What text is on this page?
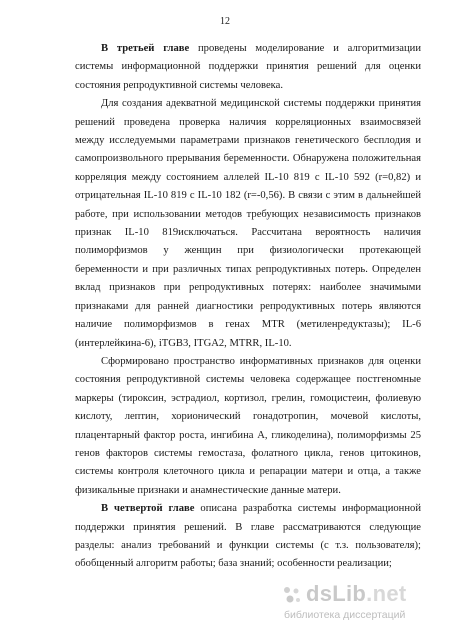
12

В третьей главе проведены моделирование и алгоритмизации системы информационной поддержки принятия решений для оценки состояния репродуктивной системы человека.

Для создания адекватной медицинской системы поддержки принятия решений проведена проверка наличия корреляционных взаимосвязей между исследуемыми параметрами признаков генетического бесплодия и самопроизвольного прерывания беременности. Обнаружена положительная корреляция между состоянием аллелей IL-10 819 с IL-10 592 (r=0,82) и отрицательная IL-10 819 с IL-10 182 (r=-0,56). В связи с этим в дальнейшей работе, при использовании методов требующих независимость признаков признак IL-10 819исключаться. Рассчитана вероятность наличия полиморфизмов у женщин при физиологически протекающей беременности и при различных типах репродуктивных потерь. Определен вклад признаков при репродуктивных потерях: наиболее значимыми признаками для ранней диагностики репродуктивных потерь являются наличие полиморфизмов в генах MTR (метиленредуктазы); IL-6 (интерлейкина-6), iTGB3, ITGA2, MTRR, IL-10.

Сформировано пространство информативных признаков для оценки состояния репродуктивной системы человека содержащее постгеномные маркеры (тироксин, эстрадиол, кортизол, грелин, гомоцистеин, фолиевую кислоту, лептин, хорионический гонадотропин, мочевой кислоты, плацентарный фактор роста, ингибина А, гликоделина), полиморфизмы 25 генов факторов системы гемостаза, фолатного цикла, генов цитокинов, системы контроля клеточного цикла и репарации матери и отца, а также физикальные признаки и анамнестические данные матери.

В четвертой главе описана разработка системы информационной поддержки принятия решений. В главе рассматриваются следующие разделы: анализ требований и функции системы (с т.з. пользователя); обобщенный алгоритм работы; база знаний; особенности реализации;

dsLib.net
библиотека диссертаций
